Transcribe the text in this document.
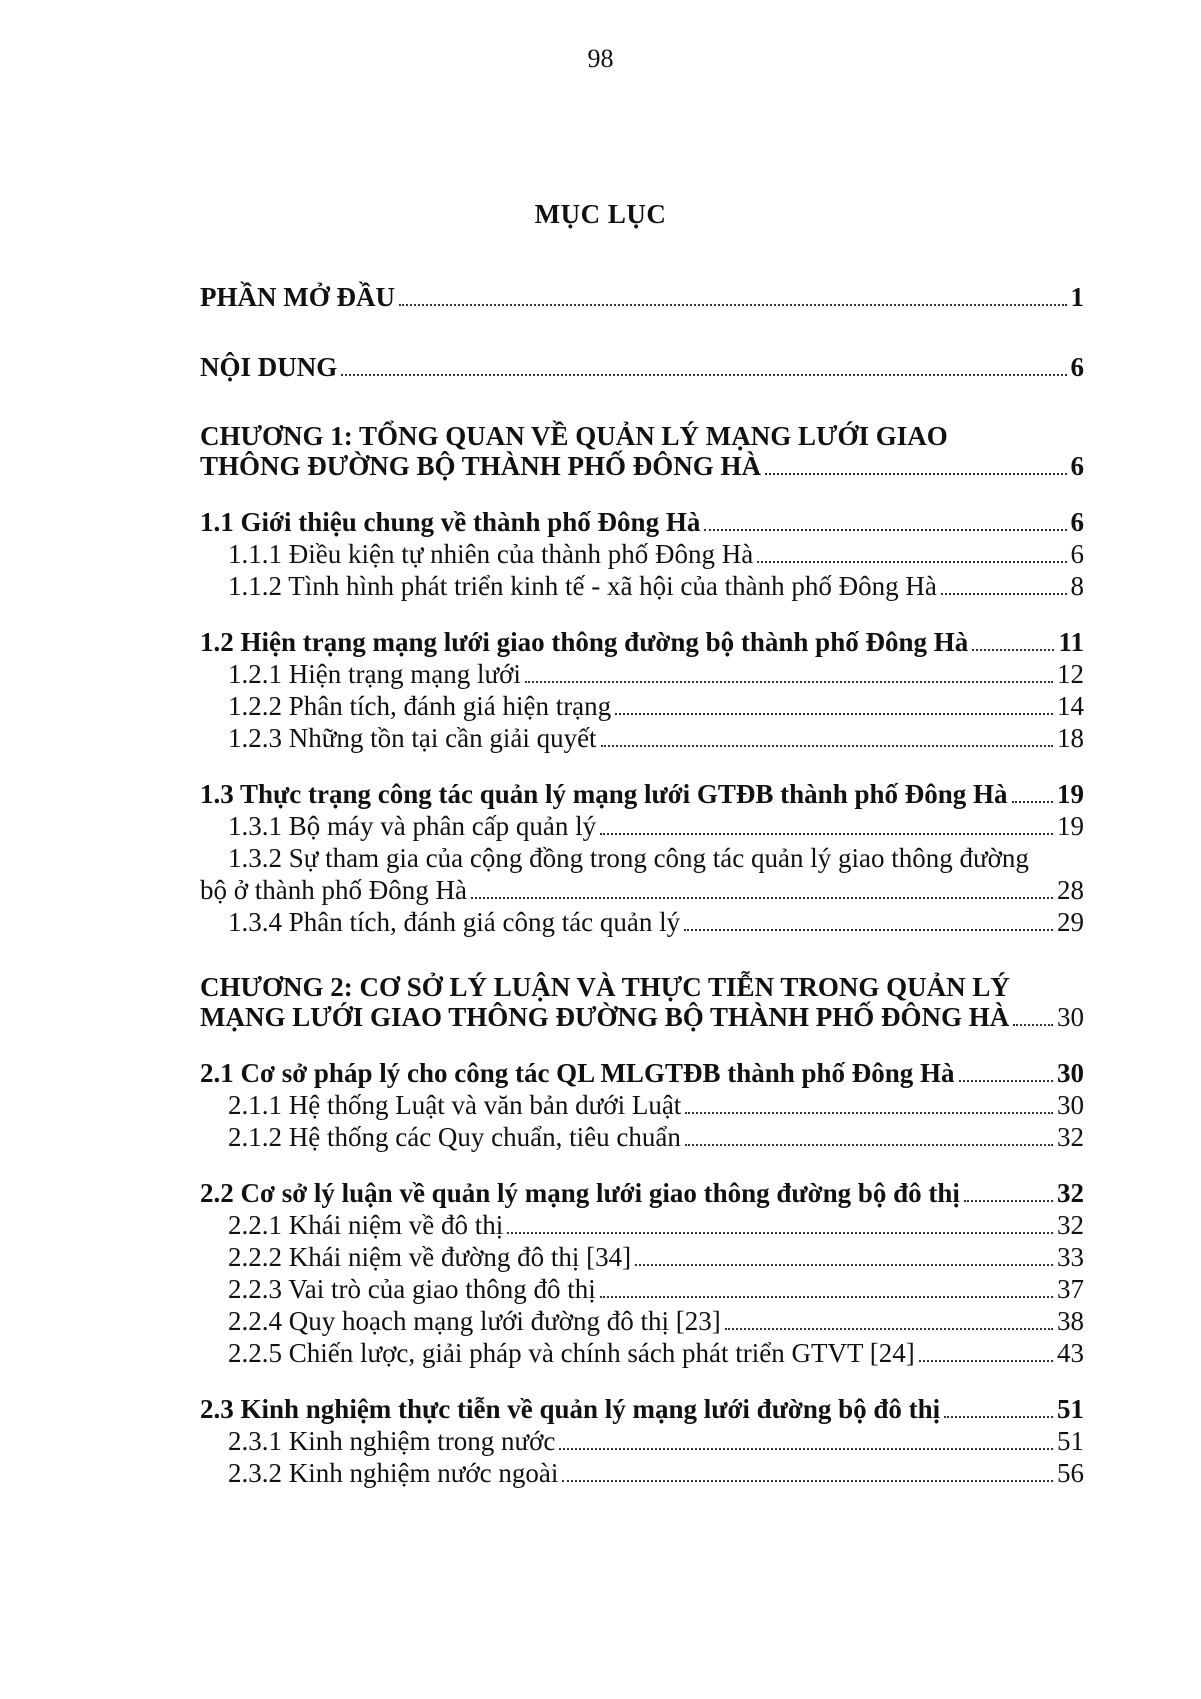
98
MỤC LỤC
PHẦN MỞ ĐẦU	1
NỘI DUNG	6
CHƯƠNG 1: TỔNG QUAN VỀ QUẢN LÝ MẠNG LƯỚI GIAO
THÔNG ĐƯỜNG BỘ THÀNH PHỐ ĐÔNG HÀ	6
1.1 Giới thiệu chung về thành phố Đông Hà	6
1.1.1 Điều kiện tự nhiên của thành phố Đông Hà	6
1.1.2 Tình hình phát triển kinh tế - xã hội của thành phố Đông Hà	8
1.2 Hiện trạng mạng lưới giao thông đường bộ thành phố Đông Hà	11
1.2.1 Hiện trạng mạng lưới	12
1.2.2 Phân tích, đánh giá hiện trạng	14
1.2.3 Những tồn tại cần giải quyết	18
1.3 Thực trạng công tác quản lý mạng lưới GTĐB thành phố Đông Hà 19
1.3.1 Bộ máy và phân cấp quản lý	19
1.3.2 Sự tham gia của cộng đồng trong công tác quản lý giao thông đường
bộ ở thành phố Đông Hà	28
1.3.4 Phân tích, đánh giá công tác quản lý	29
CHƯƠNG 2: CƠ SỞ LÝ LUẬN VÀ THỰC TIỄN TRONG QUẢN LÝ
MẠNG LƯỚI GIAO THÔNG ĐƯỜNG BỘ THÀNH PHỐ ĐÔNG HÀ 30
2.1 Cơ sở pháp lý cho công tác QL MLGTĐB thành phố Đông Hà	30
2.1.1 Hệ thống Luật và văn bản dưới Luật	30
2.1.2 Hệ thống các Quy chuẩn, tiêu chuẩn	32
2.2 Cơ sở lý luận về quản lý mạng lưới giao thông đường bộ đô thị	32
2.2.1 Khái niệm về đô thị	32
2.2.2 Khái niệm về đường đô thị [34]	33
2.2.3 Vai trò của giao thông đô thị	37
2.2.4 Quy hoạch mạng lưới đường đô thị [23]	38
2.2.5 Chiến lược, giải pháp và chính sách phát triển GTVT [24]	43
2.3 Kinh nghiệm thực tiễn về quản lý mạng lưới đường bộ đô thị	51
2.3.1 Kinh nghiệm trong nước	51
2.3.2 Kinh nghiệm nước ngoài	56
